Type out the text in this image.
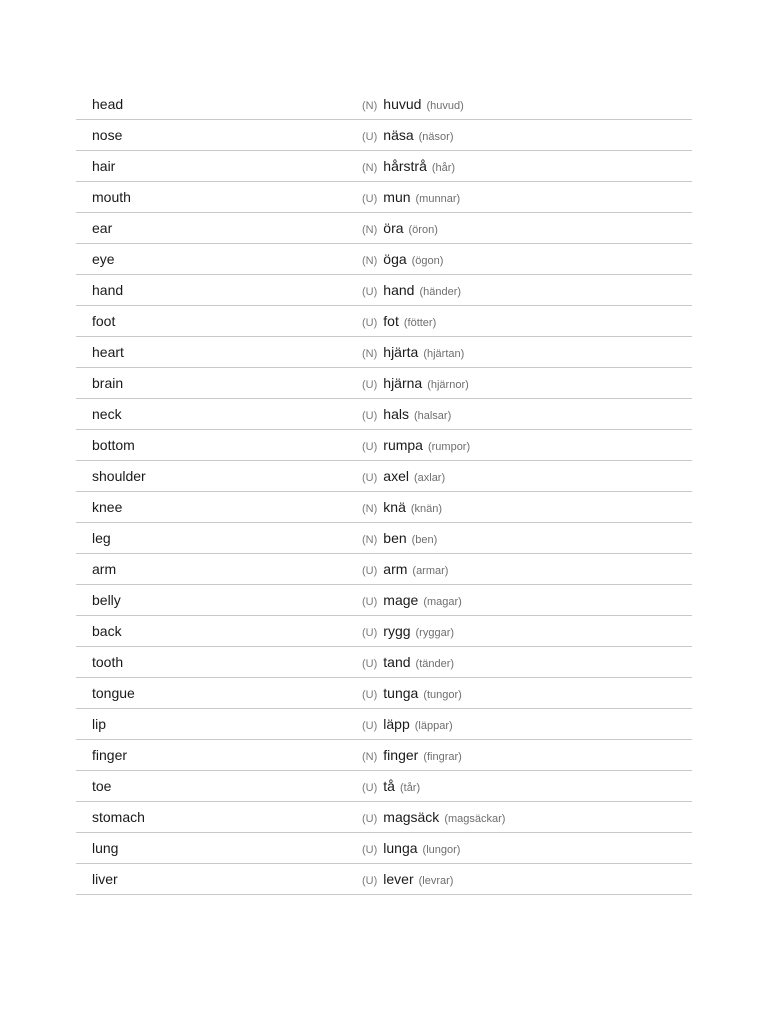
head	(N) huvud (huvud)
nose	(U) näsa (näsor)
hair	(N) hårstrå (hår)
mouth	(U) mun (munnar)
ear	(N) öra (öron)
eye	(N) öga (ögon)
hand	(U) hand (händer)
foot	(U) fot (fötter)
heart	(N) hjärta (hjärtan)
brain	(U) hjärna (hjärnor)
neck	(U) hals (halsar)
bottom	(U) rumpa (rumpor)
shoulder	(U) axel (axlar)
knee	(N) knä (knän)
leg	(N) ben (ben)
arm	(U) arm (armar)
belly	(U) mage (magar)
back	(U) rygg (ryggar)
tooth	(U) tand (tänder)
tongue	(U) tunga (tungor)
lip	(U) läpp (läppar)
finger	(N) finger (fingrar)
toe	(U) tå (tår)
stomach	(U) magsäck (magsäckar)
lung	(U) lunga (lungor)
liver	(U) lever (levrar)
